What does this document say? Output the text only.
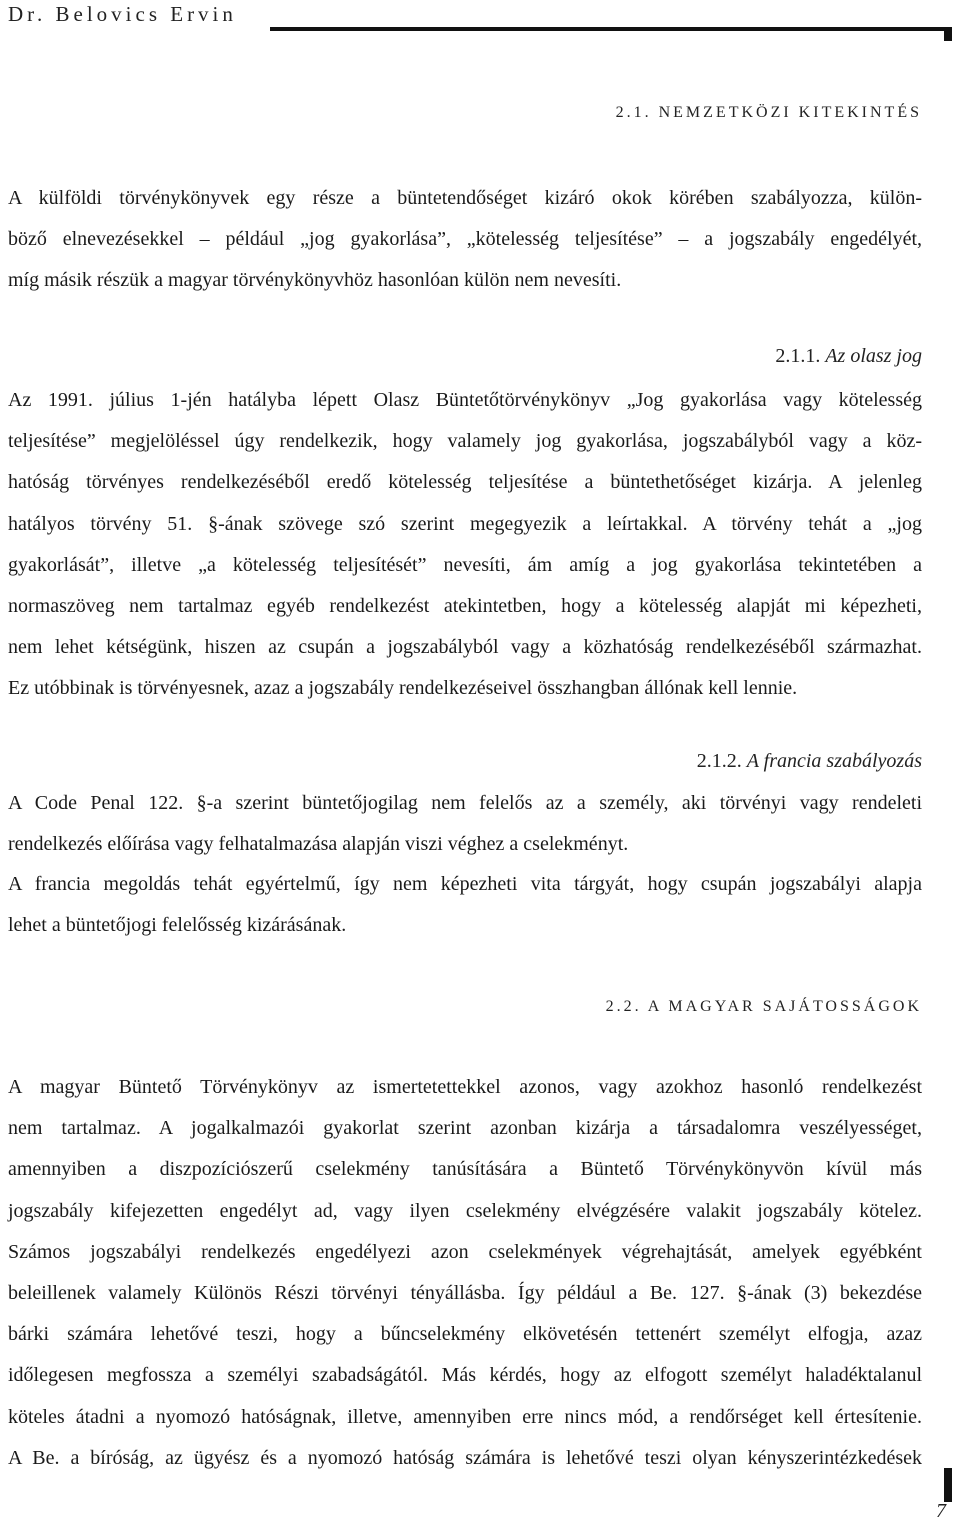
Dr. Belovics Ervin
2.1. NEMZETKÖZI KITEKINTÉS
A külföldi törvénykönyvek egy része a büntetendőséget kizáró okok körében szabályozza, külön-
böző elnevezésekkel – például „jog gyakorlása”, „kötelesség teljesítése” – a jogszabály engedélyét,
míg másik részük a magyar törvénykönyvhöz hasonlóan külön nem nevesíti.
2.1.1. Az olasz jog
Az 1991. július 1-jén hatályba lépett Olasz Büntetőtörvénykönyv „Jog gyakorlása vagy kötelesség
teljesítése” megjelöléssel úgy rendelkezik, hogy valamely jog gyakorlása, jogszabályból vagy a köz-
hatóság törvényes rendelkezéséből eredő kötelesség teljesítése a büntethetőséget kizárja. A jelenleg
hatályos törvény 51. §-ának szövege szó szerint megegyezik a leírtakkal. A törvény tehát a „jog
gyakorlását”, illetve „a kötelesség teljesítését” nevesíti, ám amíg a jog gyakorlása tekintetében a
normaszöveg nem tartalmaz egyéb rendelkezést atekintetben, hogy a kötelesség alapját mi képezheti,
nem lehet kétségünk, hiszen az csupán a jogszabályból vagy a közhatóság rendelkezéséből származhat.
Ez utóbbinak is törvényesnek, azaz a jogszabály rendelkezéseivel összhangban állónak kell lennie.
2.1.2. A francia szabályozás
A Code Penal 122. §-a szerint büntetőjogilag nem felelős az a személy, aki törvényi vagy rendeleti
rendelkezés előírása vagy felhatalmazása alapján viszi véghez a cselekményt.
A francia megoldás tehát egyértelmű, így nem képezheti vita tárgyát, hogy csupán jogszabályi alapja
lehet a büntetőjogi felelősség kizárásának.
2.2. A MAGYAR SAJÁTOSSÁGOK
A magyar Büntető Törvénykönyv az ismertetettekkel azonos, vagy azokhoz hasonló rendelkezést
nem tartalmaz. A jogalkalmazói gyakorlat szerint azonban kizárja a társadalomra veszélyességet,
amennyiben a diszpozíciószerű cselekmény tanúsítására a Büntető Törvénykönyvön kívül más
jogszabály kifejezetten engedélyt ad, vagy ilyen cselekmény elvégzésére valakit jogszabály kötelez.
Számos jogszabályi rendelkezés engedélyezi azon cselekmények végrehajtását, amelyek egyébként
beleillenek valamely Különös Részi törvényi tényállásba. Így például a Be. 127. §-ának (3) bekezdése
bárki számára lehetővé teszi, hogy a bűncselekmény elkövetésén tettenért személyt elfogja, azaz
időlegesen megfossza a személyi szabadságától. Más kérdés, hogy az elfogott személyt haladéktalanul
köteles átadni a nyomozó hatóságnak, illetve, amennyiben erre nincs mód, a rendőrséget kell értesítenie.
A Be. a bíróság, az ügyész és a nyomozó hatóság számára is lehetővé teszi olyan kényszerintézkedések
7
